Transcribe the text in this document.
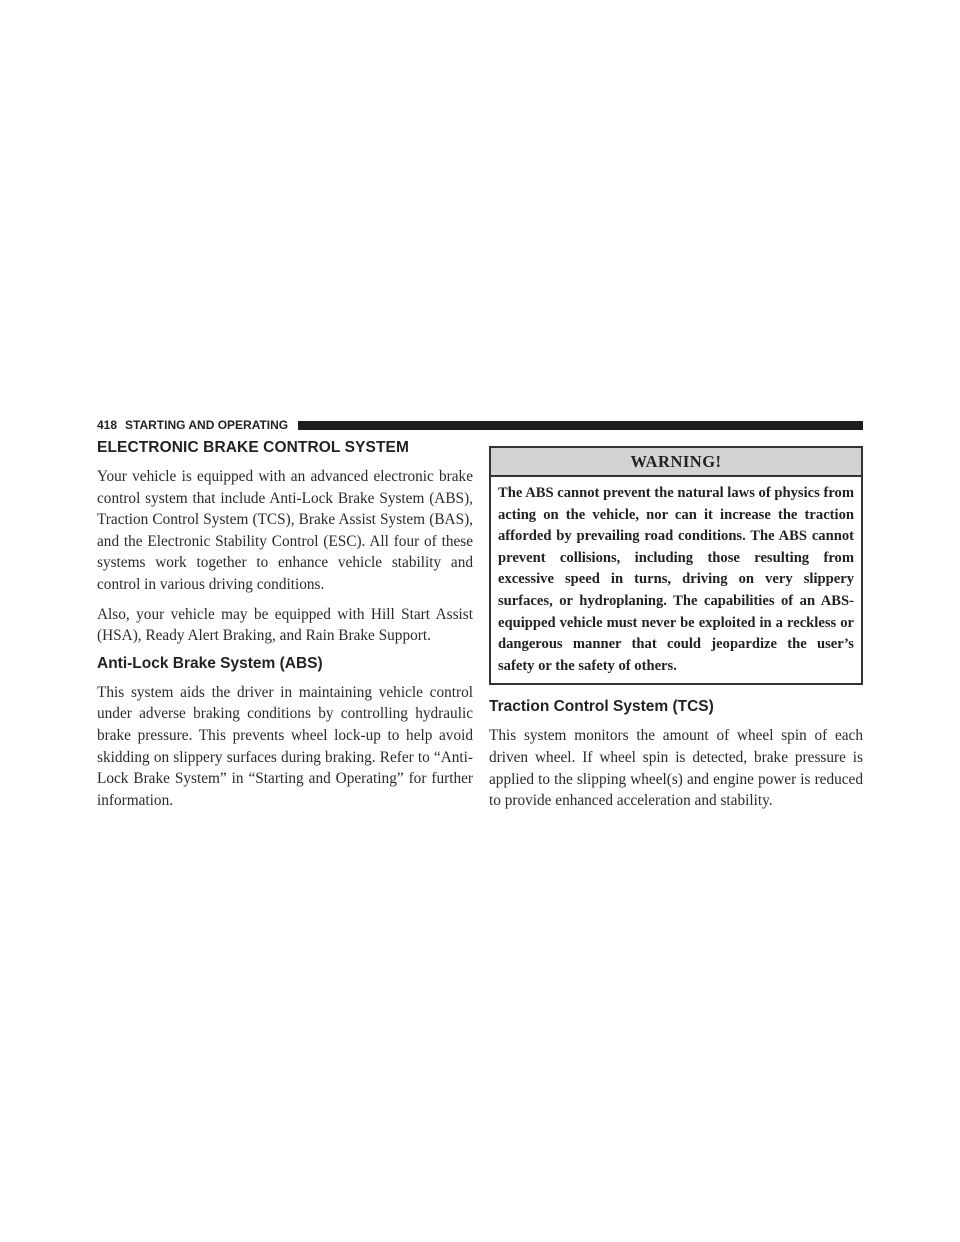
418 STARTING AND OPERATING
ELECTRONIC BRAKE CONTROL SYSTEM

Your vehicle is equipped with an advanced electronic brake control system that include Anti-Lock Brake System (ABS), Traction Control System (TCS), Brake Assist System (BAS), and the Electronic Stability Control (ESC). All four of these systems work together to enhance vehicle stability and control in various driving conditions.

Also, your vehicle may be equipped with Hill Start Assist (HSA), Ready Alert Braking, and Rain Brake Support.

Anti-Lock Brake System (ABS)

This system aids the driver in maintaining vehicle control under adverse braking conditions by controlling hydraulic brake pressure. This prevents wheel lock-up to help avoid skidding on slippery surfaces during braking. Refer to “Anti-Lock Brake System” in “Starting and Operating” for further information.

WARNING!
The ABS cannot prevent the natural laws of physics from acting on the vehicle, nor can it increase the traction afforded by prevailing road conditions. The ABS cannot prevent collisions, including those resulting from excessive speed in turns, driving on very slippery surfaces, or hydroplaning. The capabilities of an ABS-equipped vehicle must never be exploited in a reckless or dangerous manner that could jeopardize the user’s safety or the safety of others.
Traction Control System (TCS)

This system monitors the amount of wheel spin of each driven wheel. If wheel spin is detected, brake pressure is applied to the slipping wheel(s) and engine power is reduced to provide enhanced acceleration and stability.
